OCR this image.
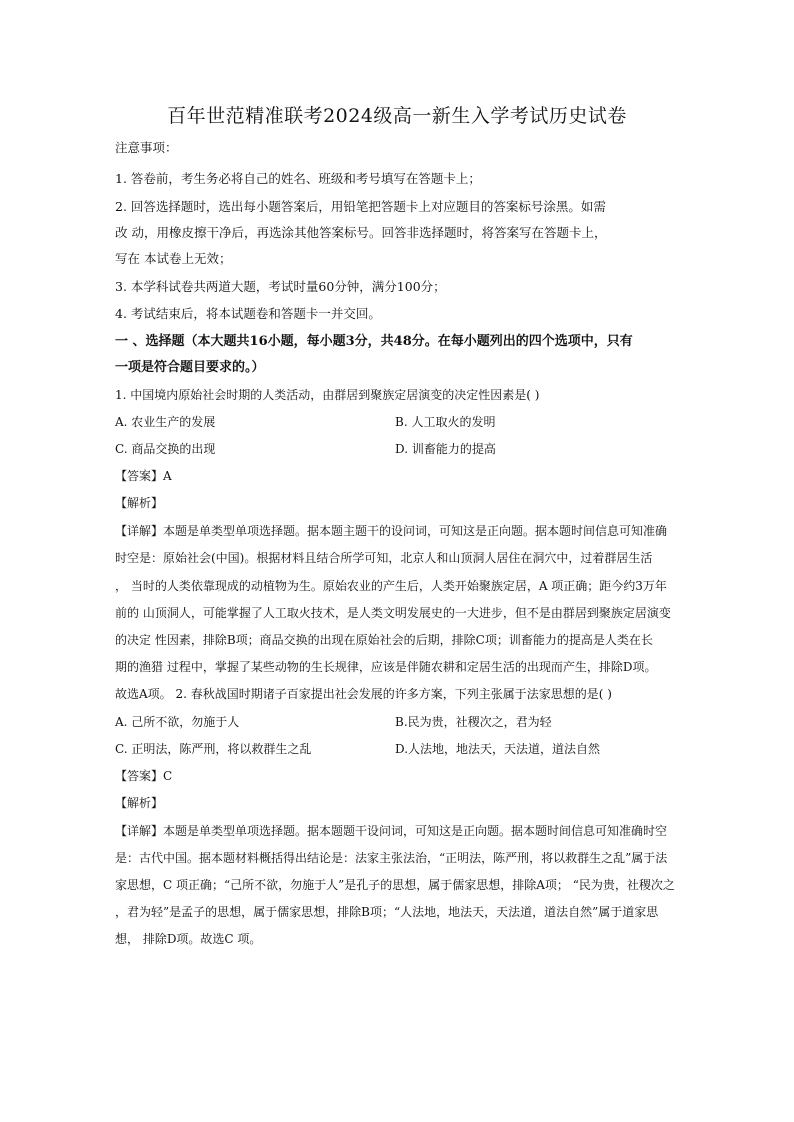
百年世范精准联考2024级高一新生入学考试历史试卷
注意事项：
1. 答卷前，考生务必将自己的姓名、班级和考号填写在答题卡上；
2. 回答选择题时，选出每小题答案后，用铅笔把答题卡上对应题目的答案标号涂黑。如需
改 动，用橡皮擦干净后，再选涂其他答案标号。回答非选择题时，将答案写在答题卡上，
写在 本试卷上无效；
3. 本学科试卷共两道大题，考试时量60分钟，满分100分；
4. 考试结束后，将本试题卷和答题卡一并交回。
一 、选择题（本大题共16小题，每小题3分，共48分。在每小题列出的四个选项中，只有
一项是符合题目要求的。）
1. 中国境内原始社会时期的人类活动，由群居到聚族定居演变的决定性因素是( )
A. 农业生产的发展	B. 人工取火的发明
C. 商品交换的出现	D. 训畜能力的提高
【答案】A
【解析】
【详解】本题是单类型单项选择题。据本题主题干的设问词，可知这是正向题。据本题时间信息可知准确
时空是：原始社会(中国)。根据材料且结合所学可知，北京人和山顶洞人居住在洞穴中，过着群居生活
， 当时的人类依靠现成的动植物为生。原始农业的产生后，人类开始聚族定居，A 项正确；距今约3万年
前的 山顶洞人，可能掌握了人工取火技术，是人类文明发展史的一大进步，但不是由群居到聚族定居演变
的决定 性因素，排除B项；商品交换的出现在原始社会的后期，排除C项；训畜能力的提高是人类在长
期的渔猎 过程中，掌握了某些动物的生长规律，应该是伴随农耕和定居生活的出现而产生，排除D项。
故选A项。 2. 春秋战国时期诸子百家提出社会发展的许多方案，下列主张属于法家思想的是( )
A. 己所不欲，勿施于人	B.民为贵，社稷次之，君为轻
C. 正明法，陈严刑，将以救群生之乱	D.人法地，地法天，天法道，道法自然
【答案】C
【解析】
【详解】本题是单类型单项选择题。据本题题干设问词，可知这是正向题。据本题时间信息可知准确时空
是：古代中国。据本题材料概括得出结论是：法家主张法治，“正明法，陈严刑，将以救群生之乱”属于法
家思想，C 项正确；“己所不欲，勿施于人”是孔子的思想，属于儒家思想，排除A项； “民为贵，社稷次之
，君为轻”是孟子的思想，属于儒家思想，排除B项；“人法地，地法天，天法道，道法自然”属于道家思
想， 排除D项。故选C 项。
